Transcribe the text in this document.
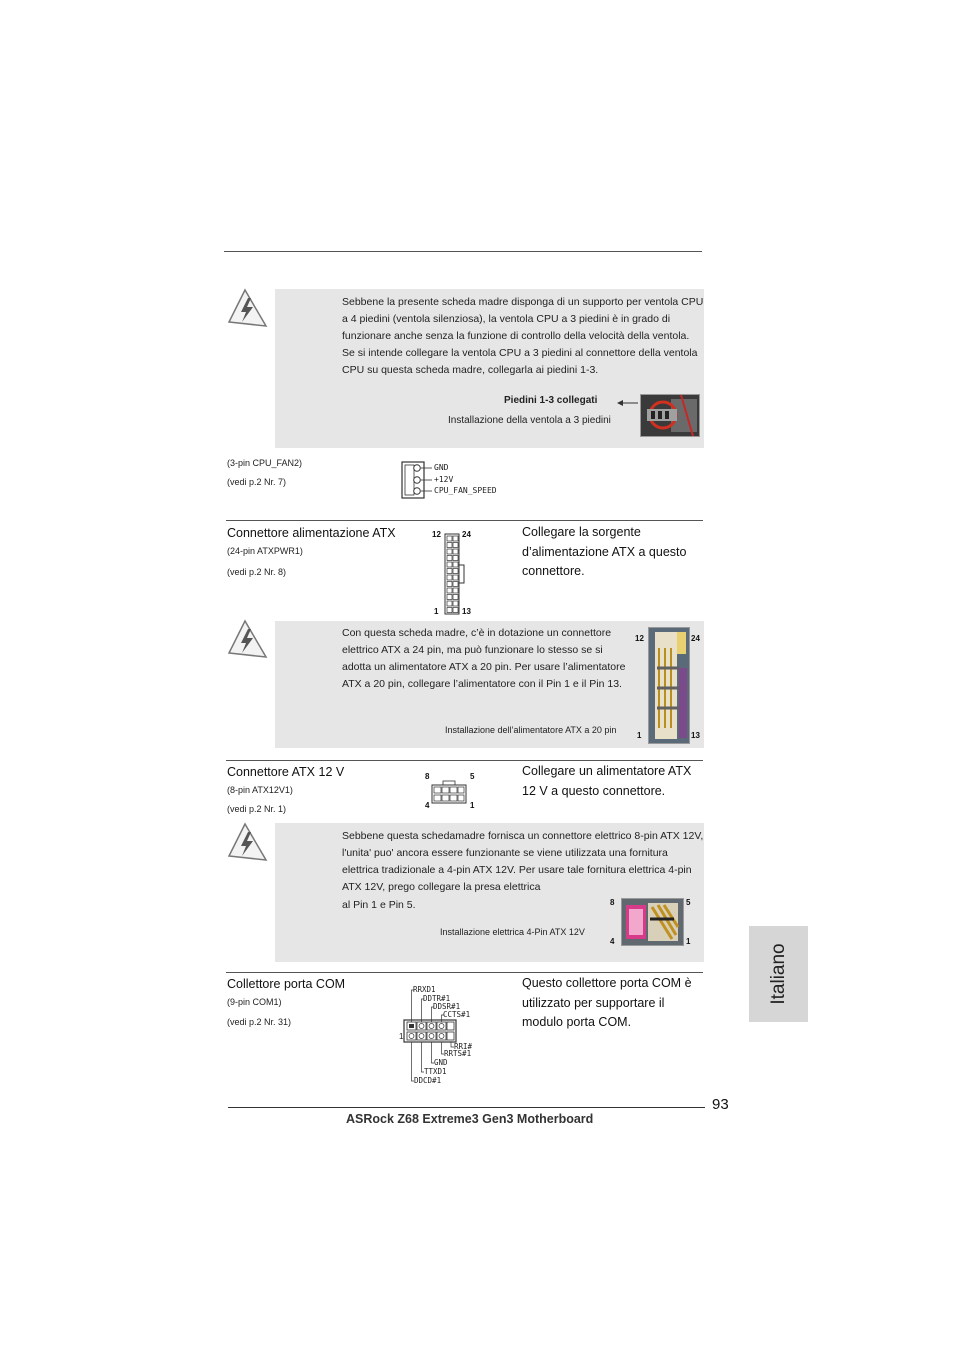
Sebbene la presente scheda madre disponga di un supporto per ventola CPU a 4 piedini (ventola silenziosa), la ventola CPU a 3 piedini è in grado di funzionare anche senza la funzione di controllo della velocità della ventola. Se si intende collegare la ventola CPU a 3 piedini al connettore della ventola CPU su questa scheda madre, collegarla ai piedini 1-3.
Piedini 1-3 collegati
Installazione della ventola a 3 piedini
(3-pin CPU_FAN2)
(vedi p.2 Nr. 7)
GND
+12V
CPU_FAN_SPEED
Connettore alimentazione ATX
(24-pin ATXPWR1)
(vedi p.2 Nr. 8)
12	24
1	13
Collegare la sorgente d’alimentazione ATX a questo connettore.
Con questa scheda madre, c’è in dotazione un connettore elettrico ATX a 24 pin, ma può funzionare lo stesso se si adotta un alimentatore ATX a 20 pin. Per usare l’alimentatore ATX a 20 pin, collegare l’alimentatore con il Pin 1 e il Pin 13.
Installazione dell’alimentatore ATX a 20 pin
12	24
1	13
Connettore ATX 12 V
(8-pin ATX12V1)
(vedi p.2 Nr. 1)
8	5
4	1
Collegare un alimentatore ATX 12 V a questo connettore.
Sebbene questa schedamadre fornisca un connettore elettrico 8-pin ATX 12V, l'unita' puo' ancora essere funzionante se viene utilizzata una fornitura elettrica tradizionale a 4-pin ATX 12V. Per usare tale fornitura elettrica 4-pin ATX 12V, prego collegare la presa elettrica
al Pin 1 e Pin 5.
Installazione elettrica 4-Pin ATX 12V
8	5
4	1
Collettore porta COM
(9-pin COM1)
(vedi p.2 Nr. 31)
1
RRXD1
DDTR#1
DDSR#1
CCTS#1
RRI#
RRTS#1
GND
TTXD1
DDCD#1
Questo collettore porta COM è utilizzato per supportare il modulo porta COM.
Italiano
93
ASRock Z68 Extreme3 Gen3 Motherboard
